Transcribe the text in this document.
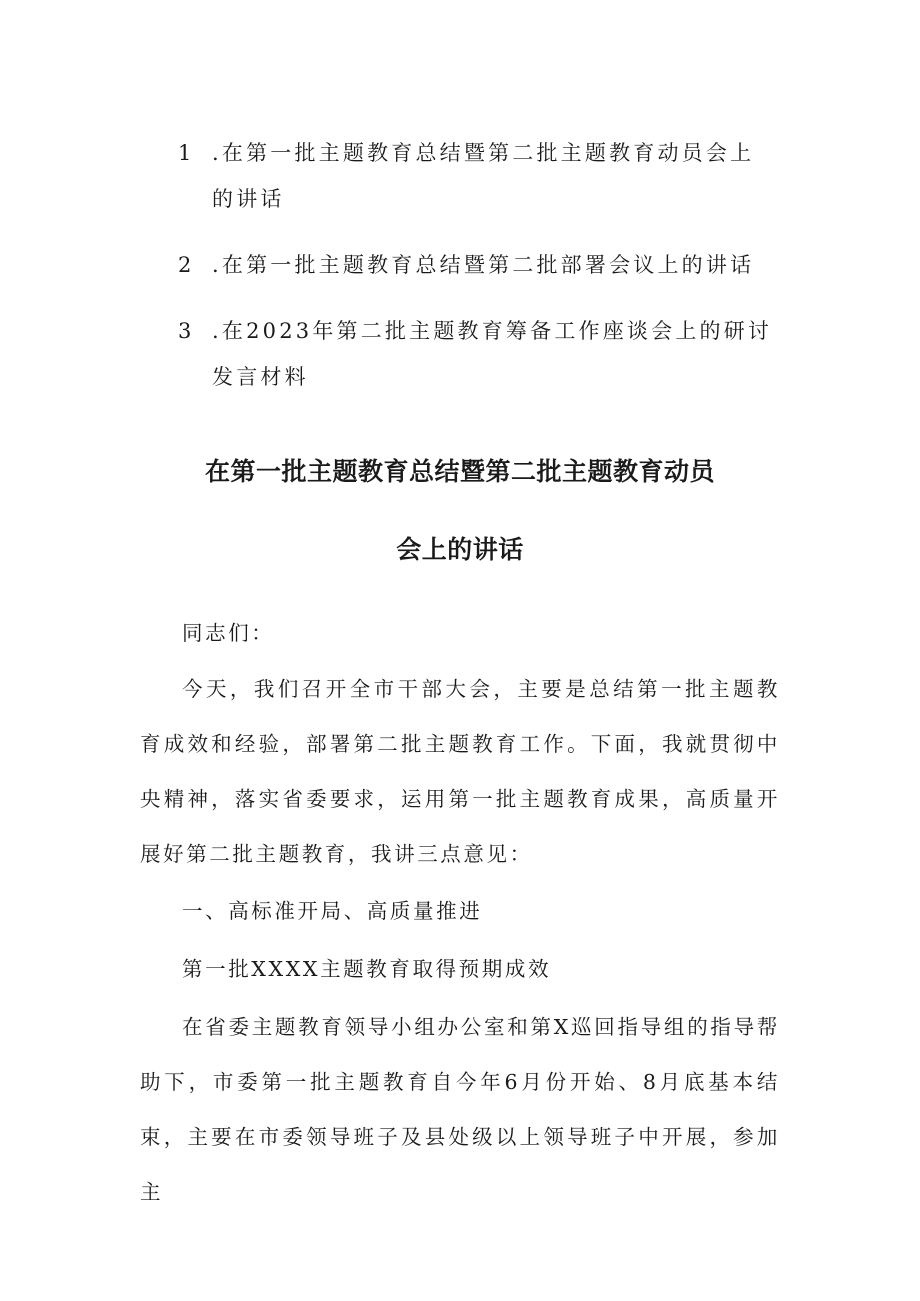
1 .在第一批主题教育总结暨第二批主题教育动员会上的讲话
2 .在第一批主题教育总结暨第二批部署会议上的讲话
3 .在2023年第二批主题教育筹备工作座谈会上的研讨发言材料
在第一批主题教育总结暨第二批主题教育动员
会上的讲话

同志们：

今天，我们召开全市干部大会，主要是总结第一批主题教育成效和经验，部署第二批主题教育工作。下面，我就贯彻中央精神，落实省委要求，运用第一批主题教育成果，高质量开展好第二批主题教育，我讲三点意见：

一、高标准开局、高质量推进

第一批XXXX主题教育取得预期成效

在省委主题教育领导小组办公室和第X巡回指导组的指导帮助下，市委第一批主题教育自今年6月份开始、8月底基本结束，主要在市委领导班子及县处级以上领导班子中开展，参加主
